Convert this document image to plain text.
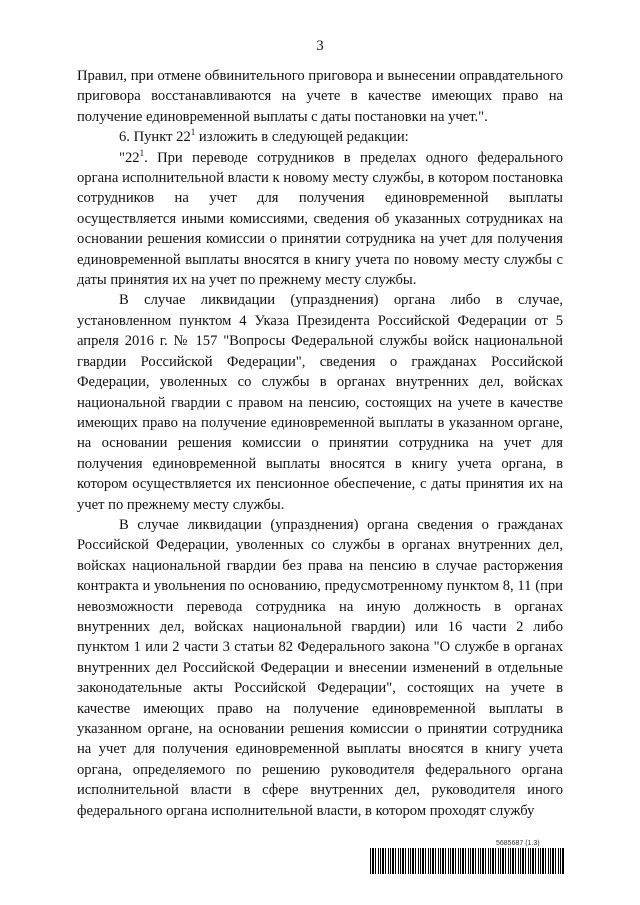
3

Правил, при отмене обвинительного приговора и вынесении оправдательного приговора восстанавливаются на учете в качестве имеющих право на получение единовременной выплаты с даты постановки на учет.".

6. Пункт $22^1$ изложить в следующей редакции:

"$22^1$. При переводе сотрудников в пределах одного федерального органа исполнительной власти к новому месту службы, в котором постановка сотрудников на учет для получения единовременной выплаты осуществляется иными комиссиями, сведения об указанных сотрудниках на основании решения комиссии о принятии сотрудника на учет для получения единовременной выплаты вносятся в книгу учета по новому месту службы с даты принятия их на учет по прежнему месту службы.

В случае ликвидации (упразднения) органа либо в случае, установленном пунктом 4 Указа Президента Российской Федерации от 5 апреля 2016 г. № 157 "Вопросы Федеральной службы войск национальной гвардии Российской Федерации", сведения о гражданах Российской Федерации, уволенных со службы в органах внутренних дел, войсках национальной гвардии с правом на пенсию, состоящих на учете в качестве имеющих право на получение единовременной выплаты в указанном органе, на основании решения комиссии о принятии сотрудника на учет для получения единовременной выплаты вносятся в книгу учета органа, в котором осуществляется их пенсионное обеспечение, с даты принятия их на учет по прежнему месту службы.

В случае ликвидации (упразднения) органа сведения о гражданах Российской Федерации, уволенных со службы в органах внутренних дел, войсках национальной гвардии без права на пенсию в случае расторжения контракта и увольнения по основанию, предусмотренному пунктом 8, 11 (при невозможности перевода сотрудника на иную должность в органах внутренних дел, войсках национальной гвардии) или 16 части 2 либо пунктом 1 или 2 части 3 статьи 82 Федерального закона "О службе в органах внутренних дел Российской Федерации и внесении изменений в отдельные законодательные акты Российской Федерации", состоящих на учете в качестве имеющих право на получение единовременной выплаты в указанном органе, на основании решения комиссии о принятии сотрудника на учет для получения единовременной выплаты вносятся в книгу учета органа, определяемого по решению руководителя федерального органа исполнительной власти в сфере внутренних дел, руководителя иного федерального органа исполнительной власти, в котором проходят службу

5685687 (1.3)
